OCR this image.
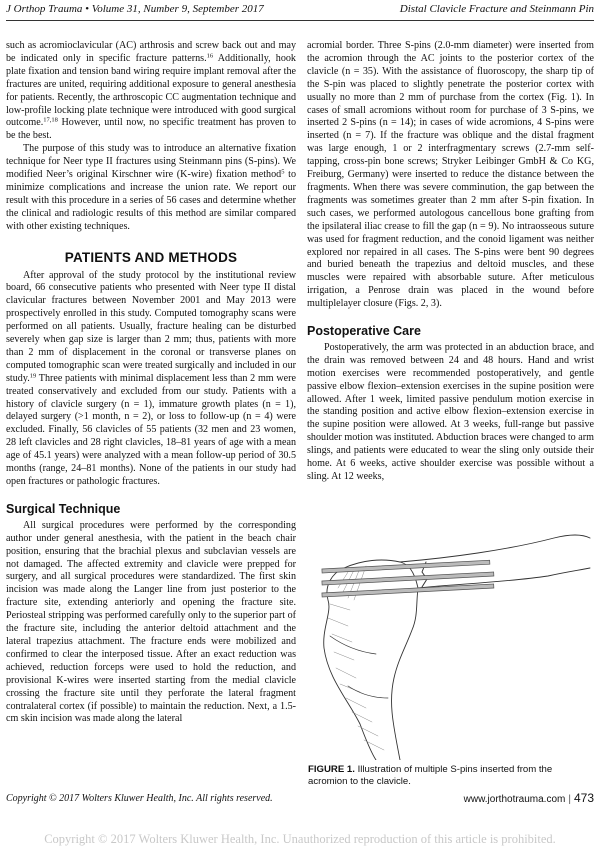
J Orthop Trauma • Volume 31, Number 9, September 2017	Distal Clavicle Fracture and Steinmann Pin

such as acromioclavicular (AC) arthrosis and screw back out and may be indicated only in specific fracture patterns.$^{16}$ Additionally, hook plate fixation and tension band wiring require implant removal after the fractures are united, requiring additional exposure to general anesthesia for patients. Recently, the arthroscopic CC augmentation technique and low-profile locking plate technique were introduced with good surgical outcome.$^{17,18}$ However, until now, no specific treatment has proven to be the best.

The purpose of this study was to introduce an alternative fixation technique for Neer type II fractures using Steinmann pins (S-pins). We modified Neer’s original Kirschner wire (K-wire) fixation method$^5$ to minimize complications and increase the union rate. We report our result with this procedure in a series of 56 cases and determine whether the clinical and radiologic results of this method are similar compared with other existing techniques.

PATIENTS AND METHODS

After approval of the study protocol by the institutional review board, 66 consecutive patients who presented with Neer type II distal clavicular fractures between November 2001 and May 2013 were prospectively enrolled in this study. Computed tomography scans were performed on all patients. Usually, fracture healing can be disturbed severely when gap size is larger than 2 mm; thus, patients with more than 2 mm of displacement in the coronal or transverse planes on computed tomographic scan were treated surgically and included in our study.$^{19}$ Three patients with minimal displacement less than 2 mm were treated conservatively and excluded from our study. Patients with a history of clavicle surgery (n = 1), immature growth plates (n = 1), delayed surgery (>1 month, n = 2), or loss to follow-up (n = 4) were excluded. Finally, 56 clavicles of 55 patients (32 men and 23 women, 28 left clavicles and 28 right clavicles, 18–81 years of age with a mean age of 45.1 years) were analyzed with a mean follow-up period of 30.5 months (range, 24–81 months). None of the patients in our study had open fractures or pathologic fractures.

Surgical Technique

All surgical procedures were performed by the corresponding author under general anesthesia, with the patient in the beach chair position, ensuring that the brachial plexus and subclavian vessels are not damaged. The affected extremity and clavicle were prepped for surgery, and all surgical procedures were standardized. The first skin incision was made along the Langer line from just posterior to the fracture site, extending anteriorly and opening the fracture site. Periosteal stripping was performed carefully only to the superior part of the fracture site, including the anterior deltoid attachment and the lateral trapezius attachment. The fracture ends were mobilized and confirmed to clear the interposed tissue. After an exact reduction was achieved, reduction forceps were used to hold the reduction, and provisional K-wires were inserted starting from the medial clavicle crossing the fracture site until they perforate the lateral fragment contralateral cortex (if possible) to maintain the reduction. Next, a 1.5-cm skin incision was made along the lateral

acromial border. Three S-pins (2.0-mm diameter) were inserted from the acromion through the AC joints to the posterior cortex of the clavicle (n = 35). With the assistance of fluoroscopy, the sharp tip of the S-pin was placed to slightly penetrate the posterior cortex with usually no more than 2 mm of purchase from the cortex (Fig. 1). In cases of small acromions without room for purchase of 3 S-pins, we inserted 2 S-pins (n = 14); in cases of wide acromions, 4 S-pins were inserted (n = 7). If the fracture was oblique and the distal fragment was large enough, 1 or 2 interfragmentary screws (2.7-mm self-tapping, cross-pin bone screws; Stryker Leibinger GmbH & Co KG, Freiburg, Germany) were inserted to reduce the distance between the fragments. When there was severe comminution, the gap between the fragments was sometimes greater than 2 mm after S-pin fixation. In such cases, we performed autologous cancellous bone grafting from the ipsilateral iliac crease to fill the gap (n = 9). No intraosseous suture was used for fragment reduction, and the conoid ligament was neither explored nor repaired in all cases. The S-pins were bent 90 degrees and buried beneath the trapezius and deltoid muscles, and these muscles were repaired with absorbable suture. After meticulous irrigation, a Penrose drain was placed in the wound before multiplelayer closure (Figs. 2, 3).

Postoperative Care

Postoperatively, the arm was protected in an abduction brace, and the drain was removed between 24 and 48 hours. Hand and wrist motion exercises were recommended postoperatively, and gentle passive elbow flexion–extension exercises in the supine position were allowed. After 1 week, limited passive pendulum motion exercise in the standing position and active elbow flexion–extension exercise in the supine position were allowed. At 3 weeks, full-range but passive shoulder motion was instituted. Abduction braces were changed to arm slings, and patients were educated to wear the sling only outside their home. At 6 weeks, active shoulder exercise was possible without a sling. At 12 weeks,

FIGURE 1. Illustration of multiple S-pins inserted from the acromion to the clavicle.
Copyright © 2017 Wolters Kluwer Health, Inc. All rights reserved.	www.jorthotrauma.com | 473
Copyright © 2017 Wolters Kluwer Health, Inc. Unauthorized reproduction of this article is prohibited.
